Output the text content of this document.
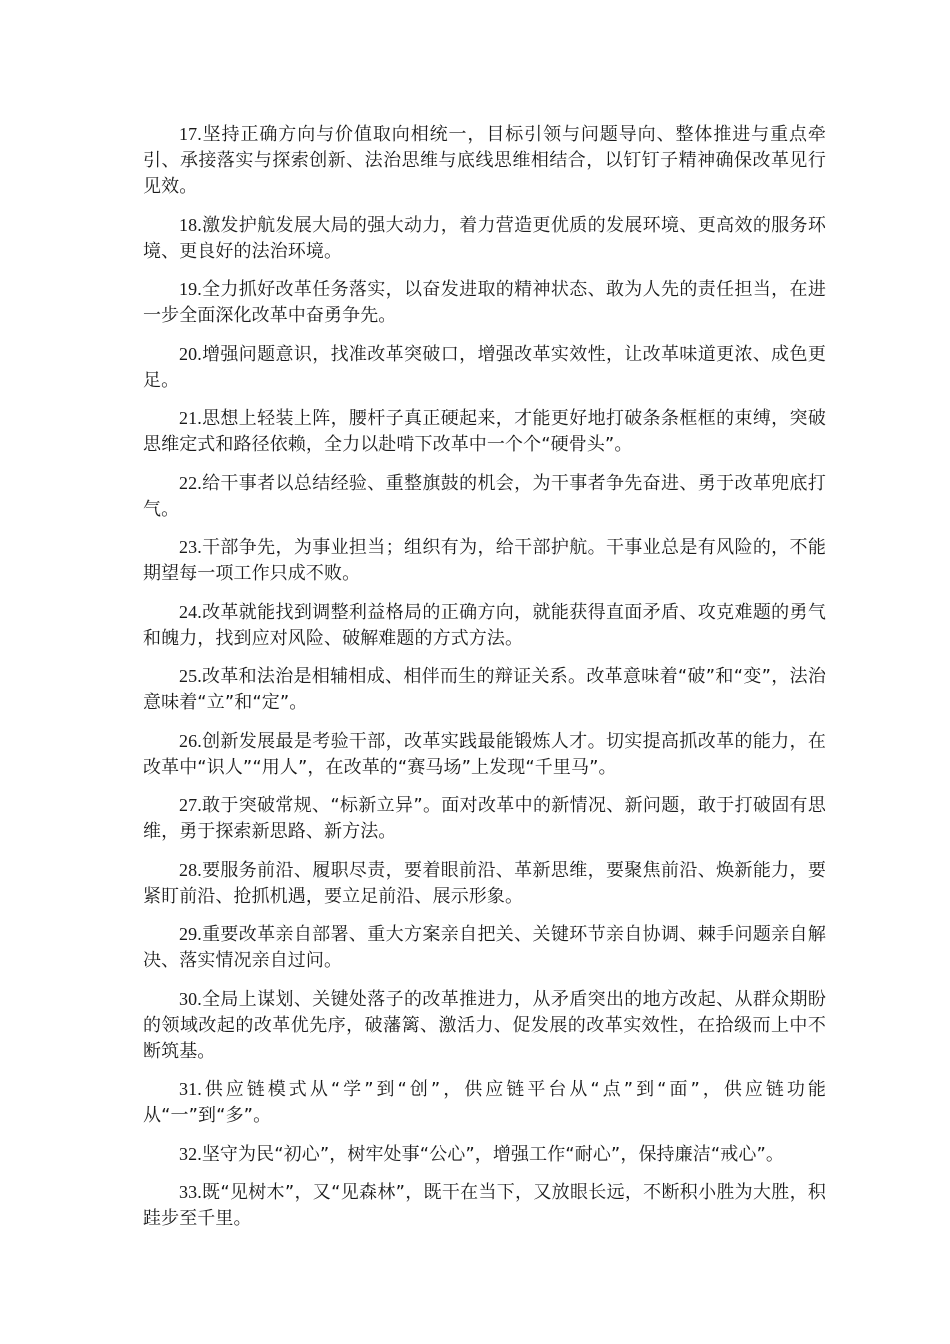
17.坚持正确方向与价值取向相统一，目标引领与问题导向、整体推进与重点牵引、承接落实与探索创新、法治思维与底线思维相结合，以钉钉子精神确保改革见行见效。

18.激发护航发展大局的强大动力，着力营造更优质的发展环境、更高效的服务环境、更良好的法治环境。

19.全力抓好改革任务落实，以奋发进取的精神状态、敢为人先的责任担当，在进一步全面深化改革中奋勇争先。

20.增强问题意识，找准改革突破口，增强改革实效性，让改革味道更浓、成色更足。

21.思想上轻装上阵，腰杆子真正硬起来，才能更好地打破条条框框的束缚，突破思维定式和路径依赖，全力以赴啃下改革中一个个“硬骨头”。

22.给干事者以总结经验、重整旗鼓的机会，为干事者争先奋进、勇于改革兜底打气。

23.干部争先，为事业担当；组织有为，给干部护航。干事业总是有风险的，不能期望每一项工作只成不败。

24.改革就能找到调整利益格局的正确方向，就能获得直面矛盾、攻克难题的勇气和魄力，找到应对风险、破解难题的方式方法。

25.改革和法治是相辅相成、相伴而生的辩证关系。改革意味着“破”和“变”，法治意味着“立”和“定”。

26.创新发展最是考验干部，改革实践最能锻炼人才。切实提高抓改革的能力，在改革中“识人”“用人”，在改革的“赛马场”上发现“千里马”。

27.敢于突破常规、“标新立异”。面对改革中的新情况、新问题，敢于打破固有思维，勇于探索新思路、新方法。

28.要服务前沿、履职尽责，要着眼前沿、革新思维，要聚焦前沿、焕新能力，要紧盯前沿、抢抓机遇，要立足前沿、展示形象。

29.重要改革亲自部署、重大方案亲自把关、关键环节亲自协调、棘手问题亲自解决、落实情况亲自过问。

30.全局上谋划、关键处落子的改革推进力，从矛盾突出的地方改起、从群众期盼的领域改起的改革优先序，破藩篱、激活力、促发展的改革实效性，在拾级而上中不断筑基。

31.供应链模式从“学”到“创”，供应链平台从“点”到“面”，供应链功能从“一”到“多”。

32.坚守为民“初心”，树牢处事“公心”，增强工作“耐心”，保持廉洁“戒心”。

33.既“见树木”，又“见森林”，既干在当下，又放眼长远，不断积小胜为大胜，积跬步至千里。
